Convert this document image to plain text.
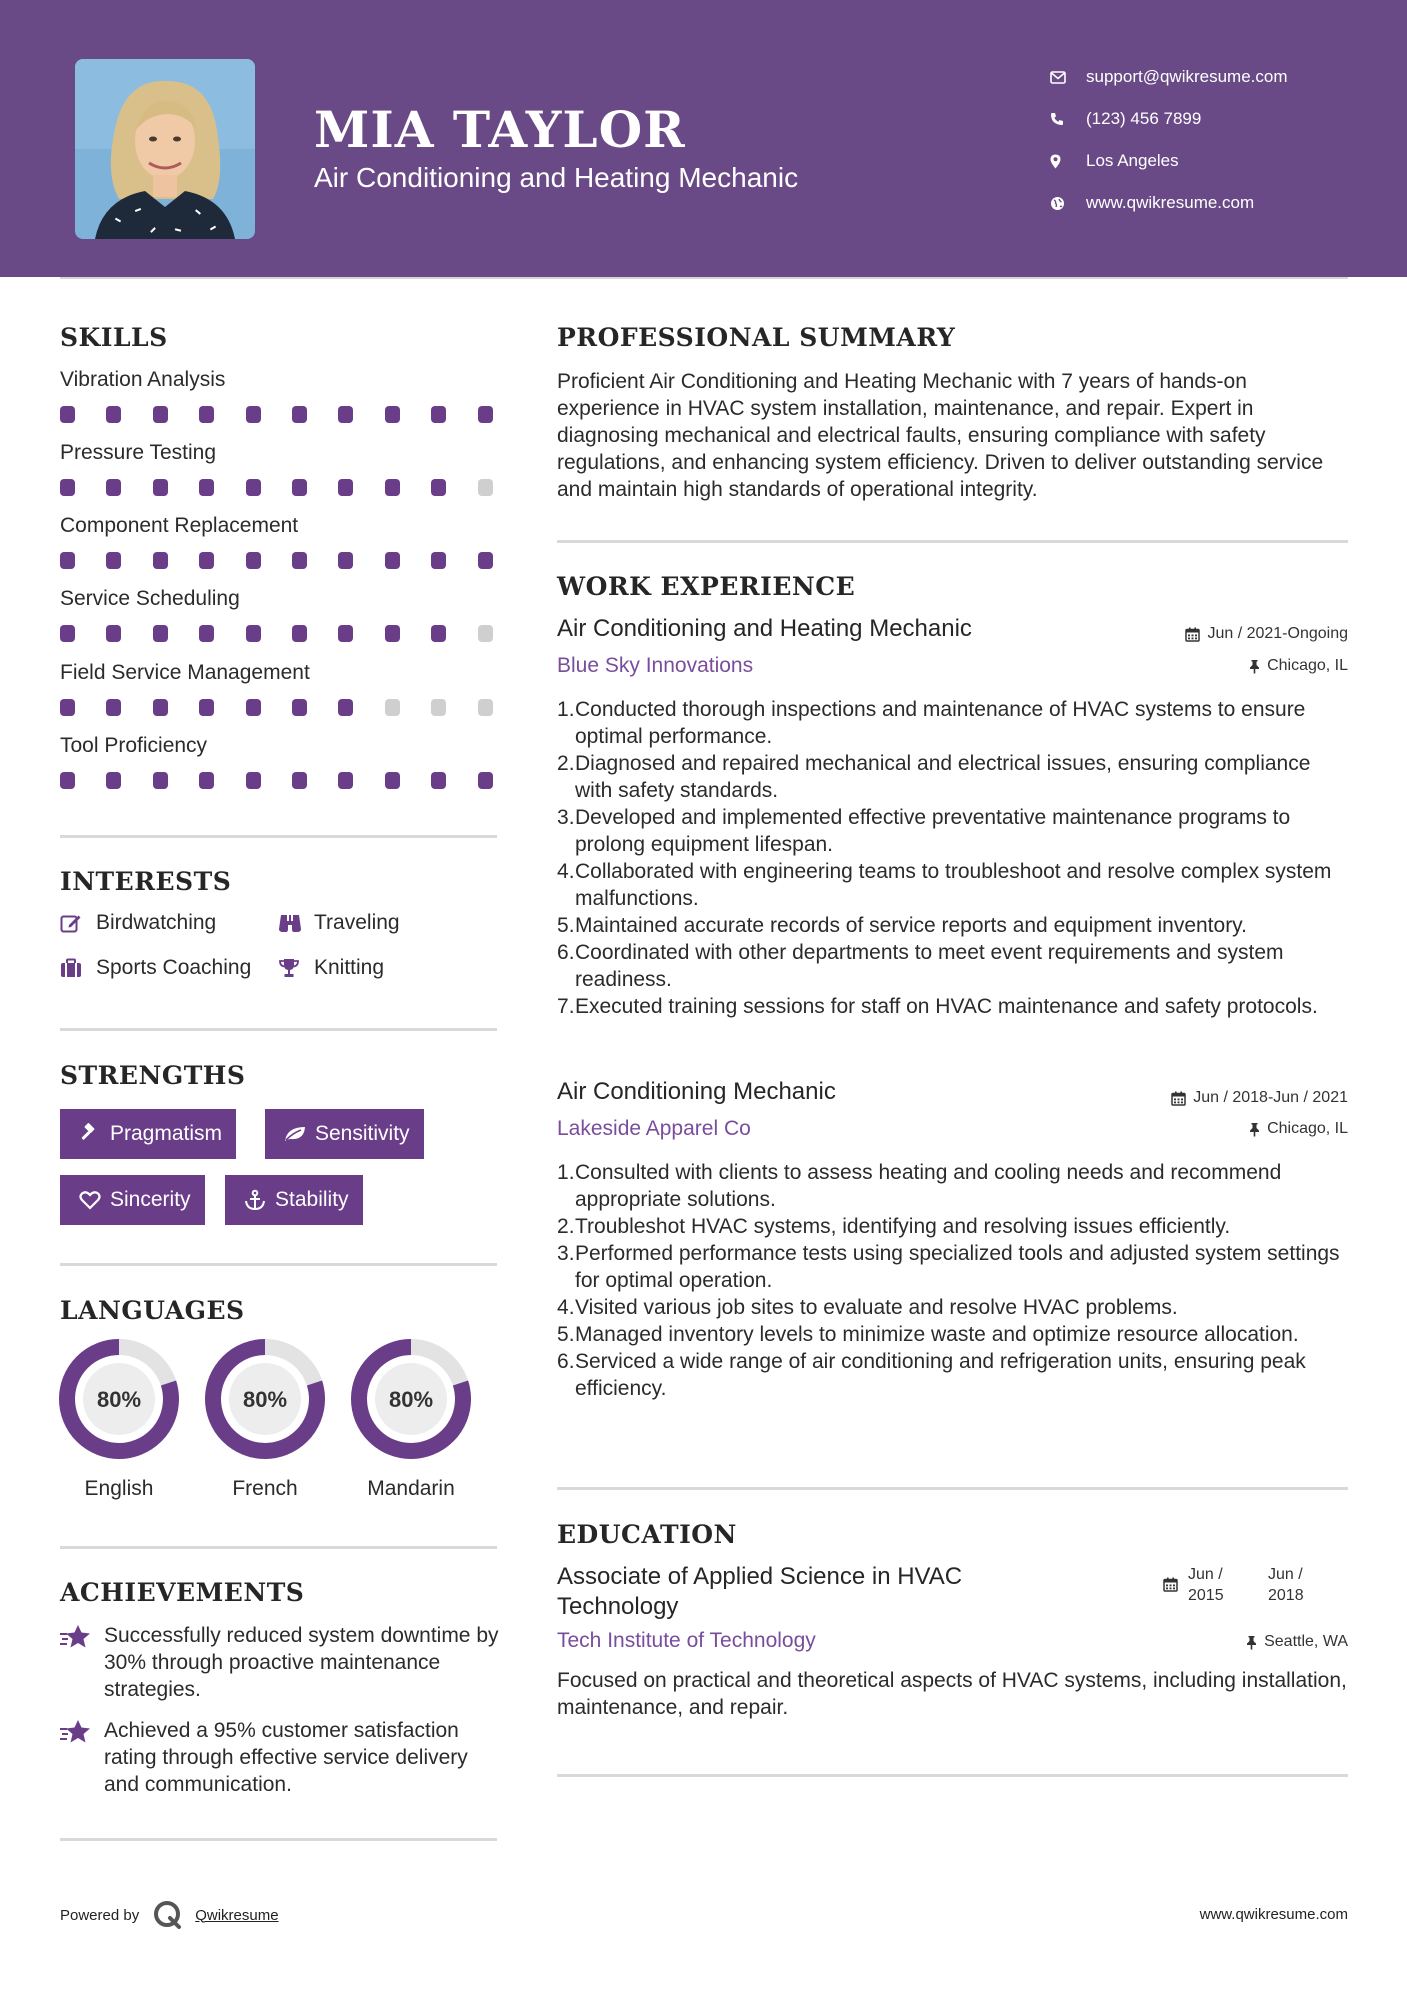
MIA TAYLOR
Air Conditioning and Heating Mechanic
support@qwikresume.com
(123) 456 7899
Los Angeles
www.qwikresume.com
SKILLS
Vibration Analysis
Pressure Testing
Component Replacement
Service Scheduling
Field Service Management
Tool Proficiency
INTERESTS
Birdwatching	Traveling
Sports Coaching	Knitting
STRENGTHS
Pragmatism	Sensitivity
Sincerity	Stability
LANGUAGES
80%
English
80%
French
80%
Mandarin
ACHIEVEMENTS
Successfully reduced system downtime by 30% through proactive maintenance strategies.
Achieved a 95% customer satisfaction rating through effective service delivery and communication.
PROFESSIONAL SUMMARY
Proficient Air Conditioning and Heating Mechanic with 7 years of hands-on experience in HVAC system installation, maintenance, and repair. Expert in diagnosing mechanical and electrical faults, ensuring compliance with safety regulations, and enhancing system efficiency. Driven to deliver outstanding service and maintain high standards of operational integrity.
WORK EXPERIENCE
Air Conditioning and Heating Mechanic	Jun / 2021-Ongoing
Blue Sky Innovations	Chicago, IL
Conducted thorough inspections and maintenance of HVAC systems to ensure optimal performance.
Diagnosed and repaired mechanical and electrical issues, ensuring compliance with safety standards.
Developed and implemented effective preventative maintenance programs to prolong equipment lifespan.
Collaborated with engineering teams to troubleshoot and resolve complex system malfunctions.
Maintained accurate records of service reports and equipment inventory.
Coordinated with other departments to meet event requirements and system readiness.
Executed training sessions for staff on HVAC maintenance and safety protocols.
Air Conditioning Mechanic	Jun / 2018-Jun / 2021
Lakeside Apparel Co	Chicago, IL
Consulted with clients to assess heating and cooling needs and recommend appropriate solutions.
Troubleshot HVAC systems, identifying and resolving issues efficiently.
Performed performance tests using specialized tools and adjusted system settings for optimal operation.
Visited various job sites to evaluate and resolve HVAC problems.
Managed inventory levels to minimize waste and optimize resource allocation.
Serviced a wide range of air conditioning and refrigeration units, ensuring peak efficiency.
EDUCATION
Associate of Applied Science in HVAC
Technology
Jun /
2015
Jun /
2018
Tech Institute of Technology	Seattle, WA
Focused on practical and theoretical aspects of HVAC systems, including installation, maintenance, and repair.
Powered by	Qwikresume	www.qwikresume.com
